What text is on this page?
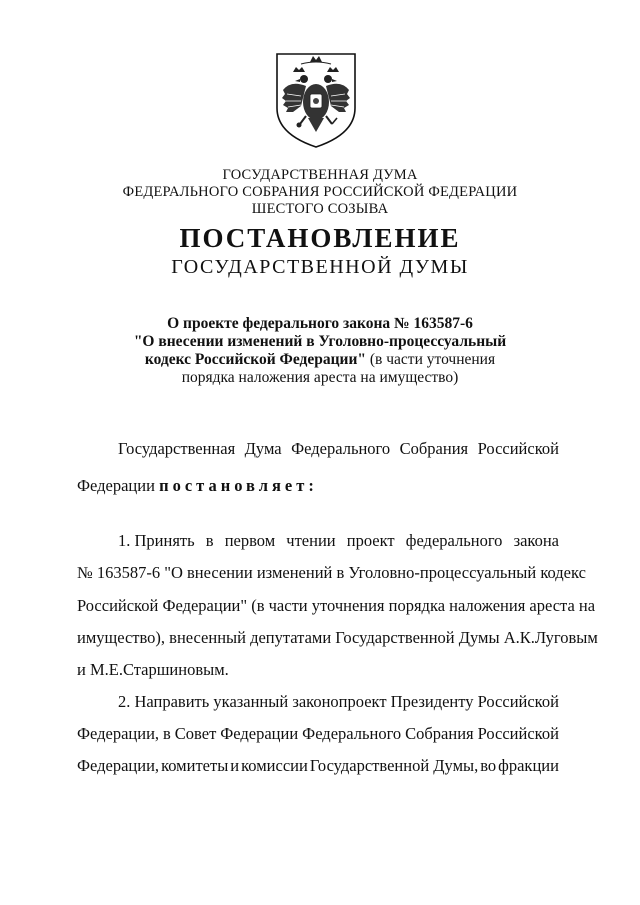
ГОСУДАРСТВЕННАЯ ДУМА
ФЕДЕРАЛЬНОГО СОБРАНИЯ РОССИЙСКОЙ ФЕДЕРАЦИИ
ШЕСТОГО СОЗЫВА
ПОСТАНОВЛЕНИЕ
ГОСУДАРСТВЕННОЙ ДУМЫ
О проекте федерального закона № 163587-6
"О внесении изменений в Уголовно-процессуальный
кодекс Российской Федерации" (в части уточнения
порядка наложения ареста на имущество)
Государственная Дума Федерального Собрания Российской
Федерации постановляет:
1. Принять в первом чтении проект федерального закона
№ 163587-6 "О внесении изменений в Уголовно-процессуальный кодекс
Российской Федерации" (в части уточнения порядка наложения ареста на
имущество), внесенный депутатами Государственной Думы А.К.Луговым
и М.Е.Старшиновым.
2. Направить указанный законопроект Президенту Российской
Федерации, в Совет Федерации Федерального Собрания Российской
Федерации, комитеты и комиссии Государственной Думы, во фракции
